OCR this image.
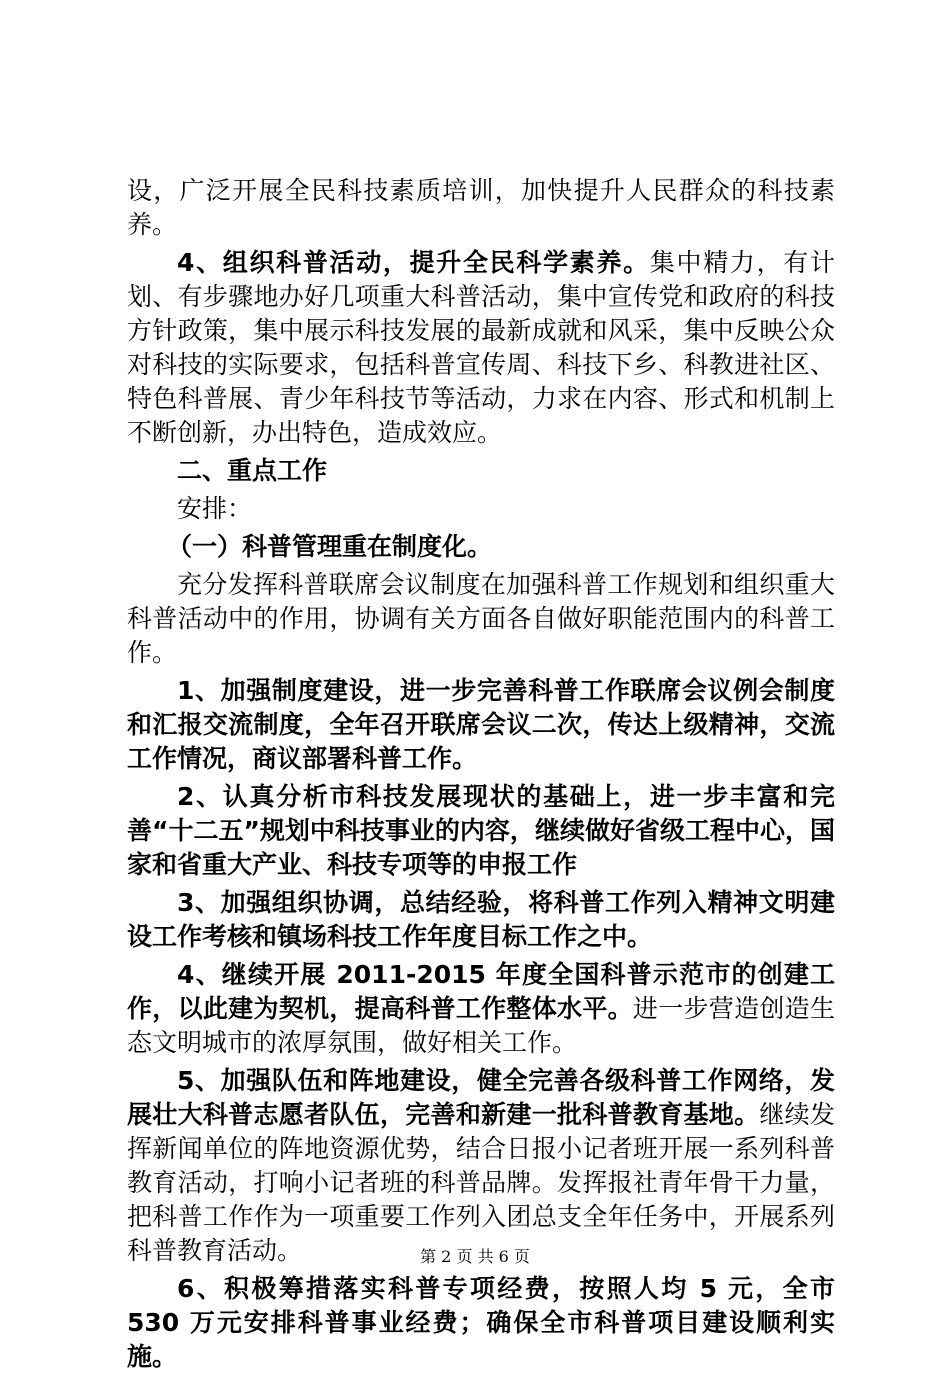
设，广泛开展全民科技素质培训，加快提升人民群众的科技素养。

4、组织科普活动，提升全民科学素养。集中精力，有计划、有步骤地办好几项重大科普活动，集中宣传党和政府的科技方针政策，集中展示科技发展的最新成就和风采，集中反映公众对科技的实际要求，包括科普宣传周、科技下乡、科教进社区、特色科普展、青少年科技节等活动，力求在内容、形式和机制上不断创新，办出特色，造成效应。

二、重点工作

安排：

（一）科普管理重在制度化。

充分发挥科普联席会议制度在加强科普工作规划和组织重大科普活动中的作用，协调有关方面各自做好职能范围内的科普工作。

1、加强制度建设，进一步完善科普工作联席会议例会制度和汇报交流制度，全年召开联席会议二次，传达上级精神，交流工作情况，商议部署科普工作。

2、认真分析市科技发展现状的基础上，进一步丰富和完善“十二五”规划中科技事业的内容，继续做好省级工程中心，国家和省重大产业、科技专项等的申报工作

3、加强组织协调，总结经验，将科普工作列入精神文明建设工作考核和镇场科技工作年度目标工作之中。

4、继续开展 2011-2015 年度全国科普示范市的创建工作，以此建为契机，提高科普工作整体水平。进一步营造创造生态文明城市的浓厚氛围，做好相关工作。

5、加强队伍和阵地建设，健全完善各级科普工作网络，发展壮大科普志愿者队伍，完善和新建一批科普教育基地。继续发挥新闻单位的阵地资源优势，结合日报小记者班开展一系列科普教育活动，打响小记者班的科普品牌。发挥报社青年骨干力量，把科普工作作为一项重要工作列入团总支全年任务中，开展系列科普教育活动。

6、积极筹措落实科普专项经费，按照人均 5 元，全市 530 万元安排科普事业经费；确保全市科普项目建设顺利实施。

第 2 页 共 6 页
